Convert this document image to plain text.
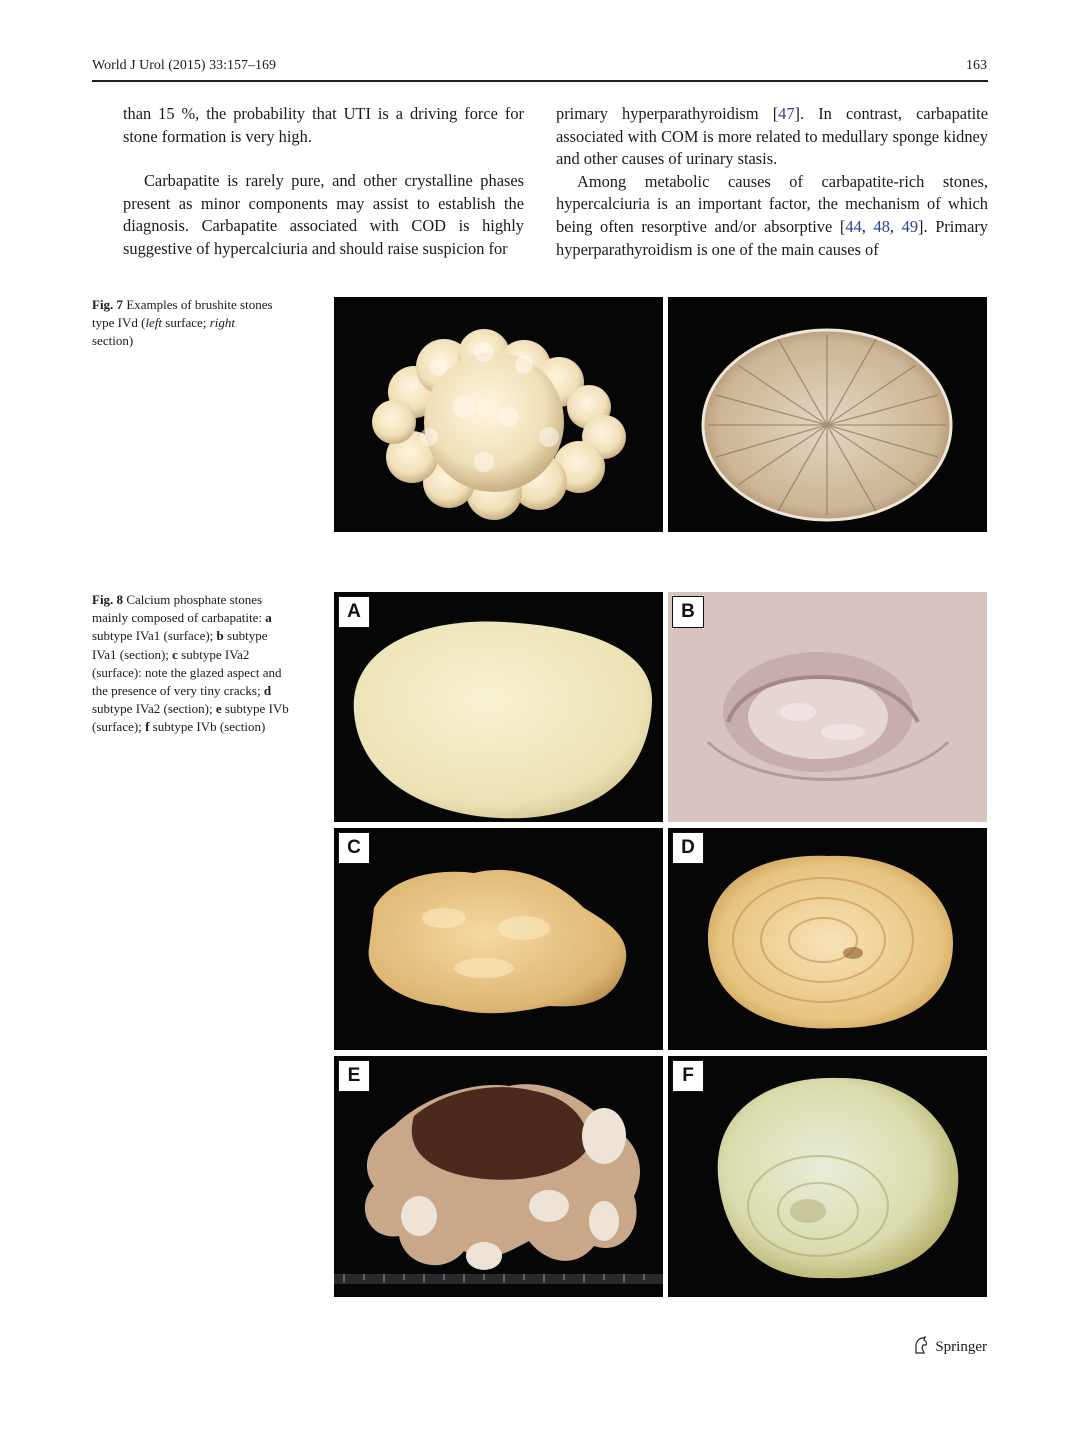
World J Urol (2015) 33:157–169	163

than 15 %, the probability that UTI is a driving force for stone formation is very high.

Carbapatite is rarely pure, and other crystalline phases present as minor components may assist to establish the diagnosis. Carbapatite associated with COD is highly suggestive of hypercalciuria and should raise suspicion for

primary hyperparathyroidism [47]. In contrast, carbapatite associated with COM is more related to medullary sponge kidney and other causes of urinary stasis.

Among metabolic causes of carbapatite-rich stones, hypercalciuria is an important factor, the mechanism of which being often resorptive and/or absorptive [44, 48, 49]. Primary hyperparathyroidism is one of the main causes of

Fig. 7 Examples of brushite stones type IVd (left surface; right section)
Fig. 8 Calcium phosphate stones mainly composed of carbapatite: a subtype IVa1 (surface); b subtype IVa1 (section); c subtype IVa2 (surface): note the glazed aspect and the presence of very tiny cracks; d subtype IVa2 (section); e subtype IVb (surface); f subtype IVb (section)
A	B
C	D
E	F
Springer
